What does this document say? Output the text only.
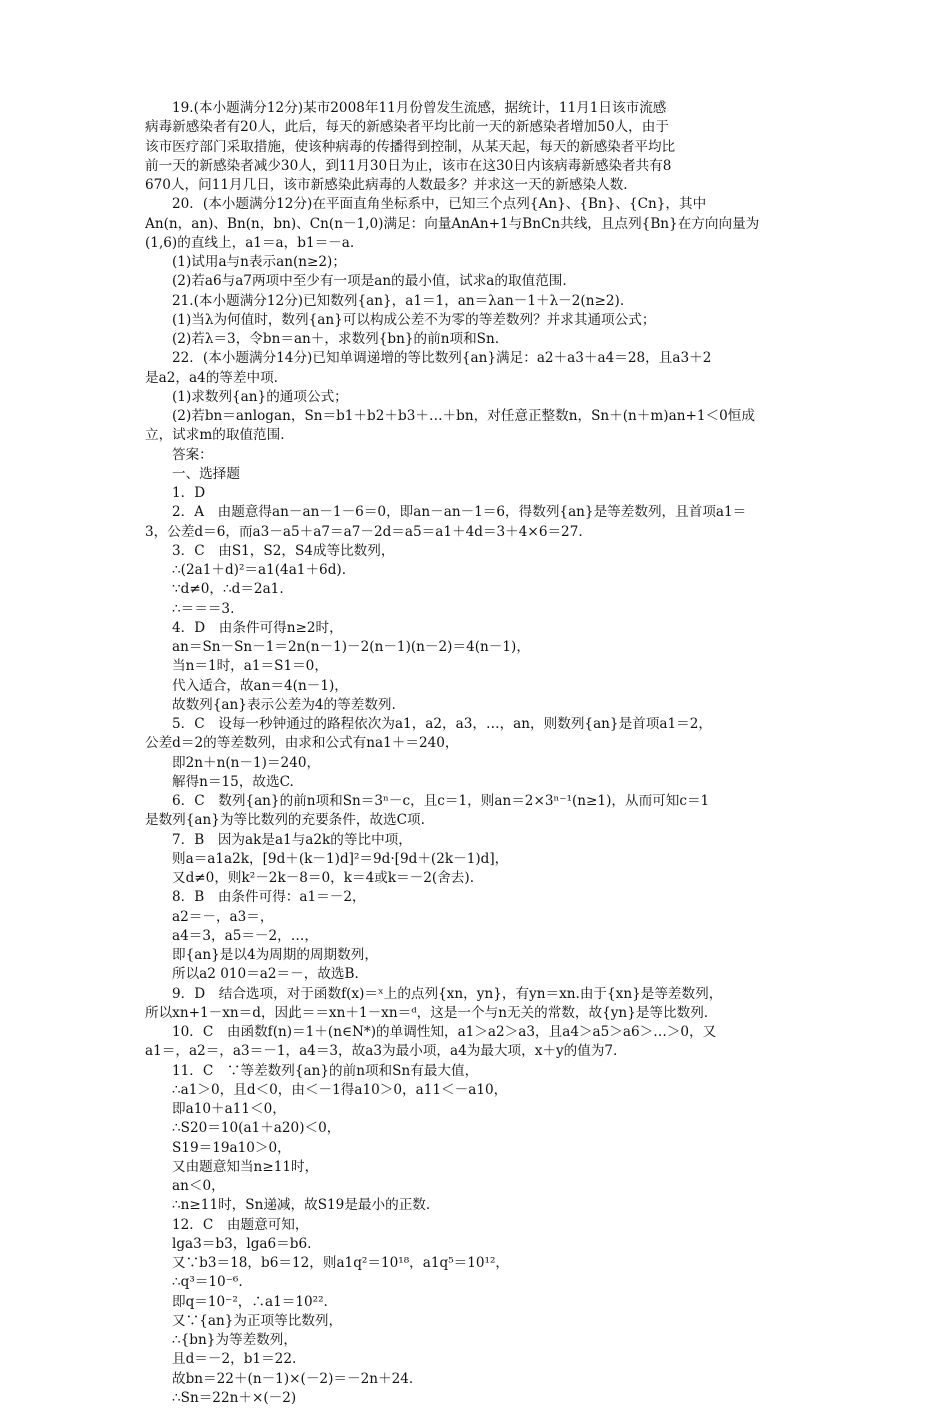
19.(本小题满分12分)某市2008年11月份曾发生流感，据统计，11月1日该市流感
病毒新感染者有20人，此后，每天的新感染者平均比前一天的新感染者增加50人，由于
该市医疗部门采取措施，使该种病毒的传播得到控制，从某天起，每天的新感染者平均比
前一天的新感染者减少30人，到11月30日为止，该市在这30日内该病毒新感染者共有8
670人，问11月几日，该市新感染此病毒的人数最多？并求这一天的新感染人数.
20．(本小题满分12分)在平面直角坐标系中，已知三个点列{An}、{Bn}、{Cn}，其中
An(n，an)、Bn(n，bn)、Cn(n－1,0)满足：向量AnAn+1与BnCn共线，且点列{Bn}在方向向量为
(1,6)的直线上，a1＝a，b1＝－a.
(1)试用a与n表示an(n≥2)；
(2)若a6与a7两项中至少有一项是an的最小值，试求a的取值范围.
21.(本小题满分12分)已知数列{an}，a1＝1，an＝λan－1＋λ－2(n≥2).
(1)当λ为何值时，数列{an}可以构成公差不为零的等差数列？并求其通项公式；
(2)若λ＝3，令bn＝an＋，求数列{bn}的前n项和Sn.
22．(本小题满分14分)已知单调递增的等比数列{an}满足：a2＋a3＋a4＝28，且a3＋2
是a2，a4的等差中项.
(1)求数列{an}的通项公式；
(2)若bn＝anlogan，Sn＝b1＋b2＋b3＋…＋bn，对任意正整数n，Sn＋(n＋m)an+1＜0恒成
立，试求m的取值范围.
答案：
一、选择题
1．D
2．A　由题意得an－an－1－6＝0，即an－an－1＝6，得数列{an}是等差数列，且首项a1＝
3，公差d＝6，而a3－a5＋a7＝a7－2d＝a5＝a1＋4d＝3＋4×6＝27.
3．C　由S1，S2，S4成等比数列，
∴(2a1＋d)²＝a1(4a1＋6d).
∵d≠0，∴d＝2a1.
∴＝＝＝3.
4．D　由条件可得n≥2时，
an＝Sn－Sn－1＝2n(n－1)－2(n－1)(n－2)＝4(n－1)，
当n＝1时，a1＝S1＝0，
代入适合，故an＝4(n－1)，
故数列{an}表示公差为4的等差数列.
5．C　设每一秒钟通过的路程依次为a1，a2，a3，…，an，则数列{an}是首项a1＝2，
公差d＝2的等差数列，由求和公式有na1＋＝240，
即2n＋n(n－1)＝240，
解得n＝15，故选C.
6．C　数列{an}的前n项和Sn＝3ⁿ－c，且c＝1，则an＝2×3ⁿ⁻¹(n≥1)，从而可知c＝1
是数列{an}为等比数列的充要条件，故选C项.
7．B　因为ak是a1与a2k的等比中项，
则a＝a1a2k，[9d＋(k－1)d]²＝9d·[9d＋(2k－1)d]，
又d≠0，则k²－2k－8＝0，k＝4或k＝－2(舍去).
8．B　由条件可得：a1＝－2，
a2＝－，a3＝，
a4＝3，a5＝－2，…，
即{an}是以4为周期的周期数列，
所以a2 010＝a2＝－，故选B.
9．D　结合选项，对于函数f(x)＝ˣ上的点列{xn，yn}，有yn＝xn.由于{xn}是等差数列，
所以xn+1－xn＝d，因此＝＝xn＋1－xn＝ᵈ，这是一个与n无关的常数，故{yn}是等比数列.
10．C　由函数f(n)＝1＋(n∈N*)的单调性知，a1＞a2＞a3，且a4＞a5＞a6＞…＞0，又
a1＝，a2＝，a3＝－1，a4＝3，故a3为最小项，a4为最大项，x＋y的值为7.
11．C　∵等差数列{an}的前n项和Sn有最大值，
∴a1＞0，且d＜0，由＜－1得a10＞0，a11＜－a10，
即a10＋a11＜0，
∴S20＝10(a1＋a20)＜0，
S19＝19a10＞0，
又由题意知当n≥11时，
an＜0，
∴n≥11时，Sn递减，故S19是最小的正数.
12．C　由题意可知，
lga3＝b3，lga6＝b6.
又∵b3＝18，b6＝12，则a1q²＝10¹⁸，a1q⁵＝10¹²，
∴q³＝10⁻⁶.
即q＝10⁻²，∴a1＝10²².
又∵{an}为正项等比数列，
∴{bn}为等差数列，
且d＝－2，b1＝22.
故bn＝22＋(n－1)×(－2)＝－2n＋24.
∴Sn＝22n＋×(－2)
